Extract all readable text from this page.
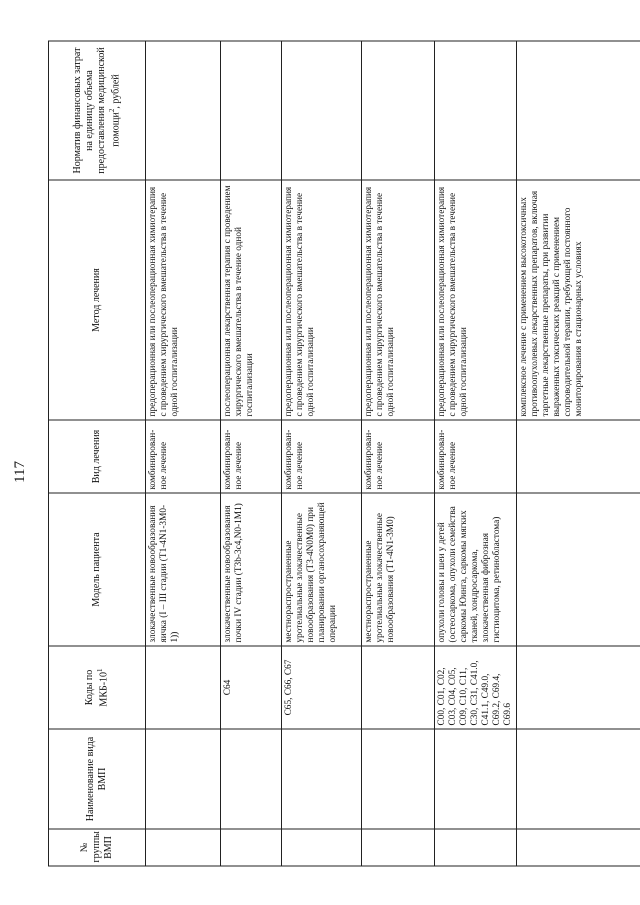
117
№ группы ВМП	Наименование вида ВМП	Коды по МКБ-$10^1$	Модель пациента	Вид лечения	Метод лечения	Норматив финансовых затрат на единицу объема предоставления медицинской помощи$^2$, рублей
			злокачественные новообразования яичка (I – III стадии (T1-4N1-3M0-1))	комбинирован-ное лечение	предоперационная или послеоперационная химиотерапия с проведением хирургического вмешательства в течение одной госпитализации	
		C64	злокачественные новообразования почки IV стадии (T3b-3c4,N0-1M1)	комбинирован-ное лечение	послеоперационная лекарственная терапия с проведением хирургического вмешательства в течение одной госпитализации	
		C65, C66, C67	местнораспространенные уротелиальные злокачественные новообразования (T3-4N0M0) при планировании органосохраняющей операции	комбинирован-ное лечение	предоперационная или послеоперационная химиотерапия с проведением хирургического вмешательства в течение одной госпитализации	
			местнораспространенные уротелиальные злокачественные новообразования (T1-4N1-3M0)	комбинирован-ное лечение	предоперационная или послеоперационная химиотерапия с проведением хирургического вмешательства в течение одной госпитализации	
		C00, C01, C02, C03, C04, C05, C09, C10, C11, C30, C31, C41.0, C41.1, C49.0, C69.2, C69.4, C69.6	опухоли головы и шеи у детей (остеосаркома, опухоли семейства саркомы Юинга, саркомы мягких тканей, хондросаркома, злокачественная фиброзная гистиоцитома, ретинобластома)	комбинирован-ное лечение	предоперационная или послеоперационная химиотерапия с проведением хирургического вмешательства в течение одной госпитализации	
					комплексное лечение с применением высокотоксичных противоопухолевых лекарственных препаратов, включая таргетные лекарственные препараты, при развитии выраженных токсических реакций с применением сопроводительной терапии, требующей постоянного мониторирования в стационарных условиях	
